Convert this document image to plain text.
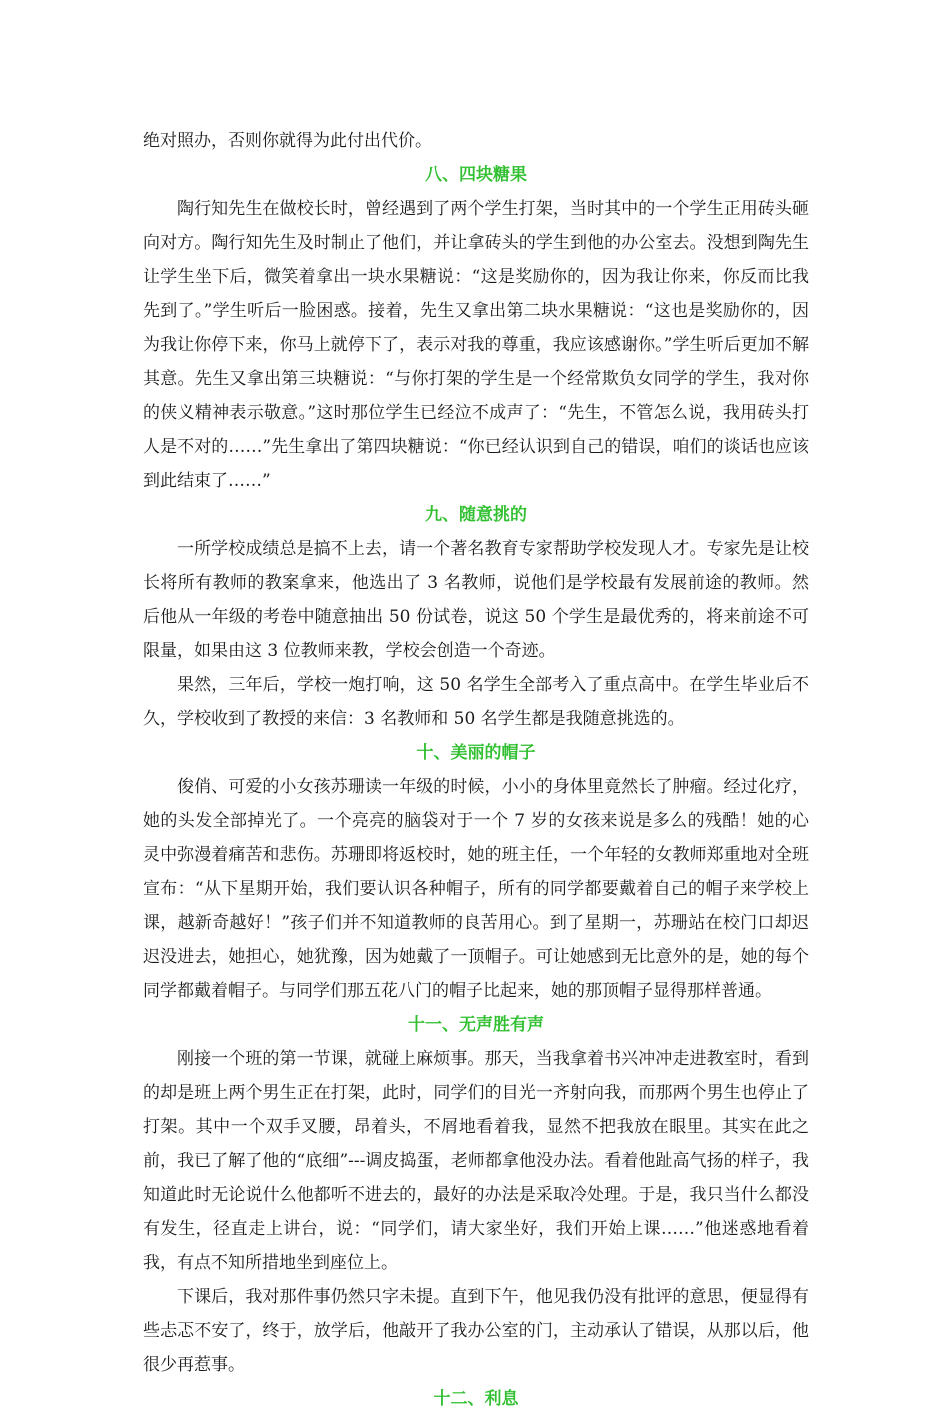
绝对照办，否则你就得为此付出代价。

八、四块糖果

陶行知先生在做校长时，曾经遇到了两个学生打架，当时其中的一个学生正用砖头砸向对方。陶行知先生及时制止了他们，并让拿砖头的学生到他的办公室去。没想到陶先生让学生坐下后，微笑着拿出一块水果糖说：“这是奖励你的，因为我让你来，你反而比我先到了。”学生听后一脸困惑。接着，先生又拿出第二块水果糖说：“这也是奖励你的，因为我让你停下来，你马上就停下了，表示对我的尊重，我应该感谢你。”学生听后更加不解其意。先生又拿出第三块糖说：“与你打架的学生是一个经常欺负女同学的学生，我对你的侠义精神表示敬意。”这时那位学生已经泣不成声了：“先生，不管怎么说，我用砖头打人是不对的……”先生拿出了第四块糖说：“你已经认识到自己的错误，咱们的谈话也应该到此结束了……”

九、随意挑的

一所学校成绩总是搞不上去，请一个著名教育专家帮助学校发现人才。专家先是让校长将所有教师的教案拿来，他选出了 3 名教师，说他们是学校最有发展前途的教师。然后他从一年级的考卷中随意抽出 50 份试卷，说这 50 个学生是最优秀的，将来前途不可限量，如果由这 3 位教师来教，学校会创造一个奇迹。

果然，三年后，学校一炮打响，这 50 名学生全部考入了重点高中。在学生毕业后不久，学校收到了教授的来信：3 名教师和 50 名学生都是我随意挑选的。

十、美丽的帽子

俊俏、可爱的小女孩苏珊读一年级的时候，小小的身体里竟然长了肿瘤。经过化疗，她的头发全部掉光了。一个亮亮的脑袋对于一个 7 岁的女孩来说是多么的残酷！她的心灵中弥漫着痛苦和悲伤。苏珊即将返校时，她的班主任，一个年轻的女教师郑重地对全班宣布：“从下星期开始，我们要认识各种帽子，所有的同学都要戴着自己的帽子来学校上课，越新奇越好！”孩子们并不知道教师的良苦用心。到了星期一，苏珊站在校门口却迟迟没进去，她担心，她犹豫，因为她戴了一顶帽子。可让她感到无比意外的是，她的每个同学都戴着帽子。与同学们那五花八门的帽子比起来，她的那顶帽子显得那样普通。

十一、无声胜有声

刚接一个班的第一节课，就碰上麻烦事。那天，当我拿着书兴冲冲走进教室时，看到的却是班上两个男生正在打架，此时，同学们的目光一齐射向我，而那两个男生也停止了打架。其中一个双手叉腰，昂着头，不屑地看着我，显然不把我放在眼里。其实在此之前，我已了解了他的“底细”---调皮捣蛋，老师都拿他没办法。看着他趾高气扬的样子，我知道此时无论说什么他都听不进去的，最好的办法是采取冷处理。于是，我只当什么都没有发生，径直走上讲台，说：“同学们，请大家坐好，我们开始上课……”他迷惑地看着我，有点不知所措地坐到座位上。

下课后，我对那件事仍然只字未提。直到下午，他见我仍没有批评的意思，便显得有些忐忑不安了，终于，放学后，他敲开了我办公室的门，主动承认了错误，从那以后，他很少再惹事。

十二、利息
